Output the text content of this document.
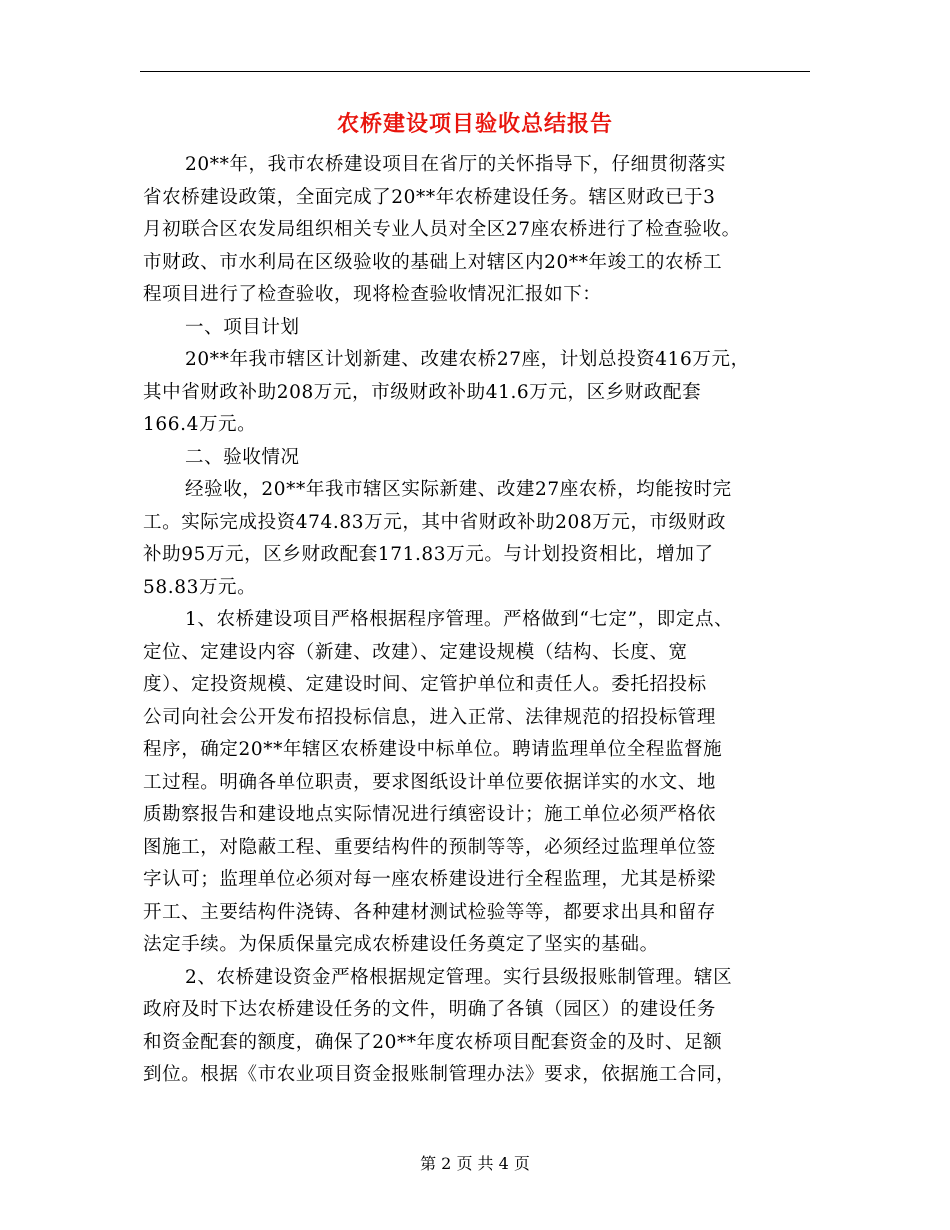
农桥建设项目验收总结报告
20**年，我市农桥建设项目在省厅的关怀指导下，仔细贯彻落实
省农桥建设政策，全面完成了20**年农桥建设任务。辖区财政已于3
月初联合区农发局组织相关专业人员对全区27座农桥进行了检查验收。
市财政、市水利局在区级验收的基础上对辖区内20**年竣工的农桥工
程项目进行了检查验收，现将检查验收情况汇报如下：
一、项目计划
20**年我市辖区计划新建、改建农桥27座，计划总投资416万元，
其中省财政补助208万元，市级财政补助41.6万元，区乡财政配套
166.4万元。
二、验收情况
经验收，20**年我市辖区实际新建、改建27座农桥，均能按时完
工。实际完成投资474.83万元，其中省财政补助208万元，市级财政
补助95万元，区乡财政配套171.83万元。与计划投资相比，增加了
58.83万元。
1、农桥建设项目严格根据程序管理。严格做到“七定”，即定点、
定位、定建设内容（新建、改建）、定建设规模（结构、长度、宽
度）、定投资规模、定建设时间、定管护单位和责任人。委托招投标
公司向社会公开发布招投标信息，进入正常、法律规范的招投标管理
程序，确定20**年辖区农桥建设中标单位。聘请监理单位全程监督施
工过程。明确各单位职责，要求图纸设计单位要依据详实的水文、地
质勘察报告和建设地点实际情况进行缜密设计；施工单位必须严格依
图施工，对隐蔽工程、重要结构件的预制等等，必须经过监理单位签
字认可；监理单位必须对每一座农桥建设进行全程监理，尤其是桥梁
开工、主要结构件浇铸、各种建材测试检验等等，都要求出具和留存
法定手续。为保质保量完成农桥建设任务奠定了坚实的基础。
2、农桥建设资金严格根据规定管理。实行县级报账制管理。辖区
政府及时下达农桥建设任务的文件，明确了各镇（园区）的建设任务
和资金配套的额度，确保了20**年度农桥项目配套资金的及时、足额
到位。根据《市农业项目资金报账制管理办法》要求，依据施工合同，
第 2 页 共 4 页
